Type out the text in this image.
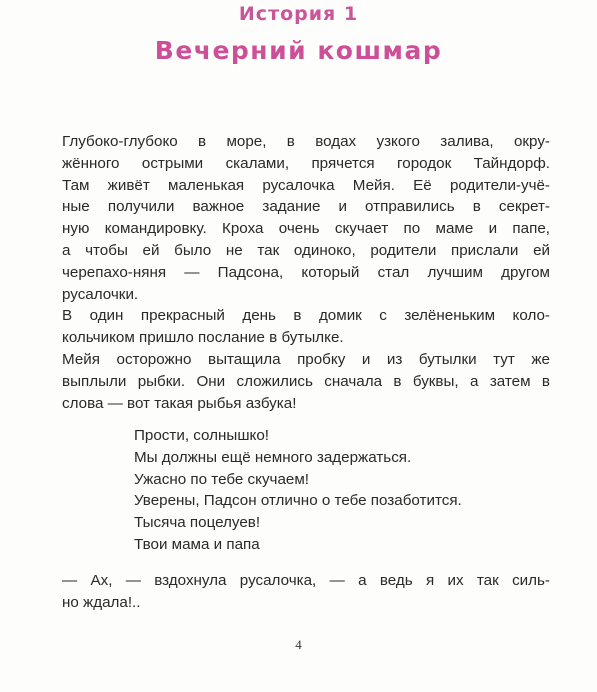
История 1
Вечерний кошмар
Глубоко-глубоко в море, в водах узкого залива, окру-
жённого острыми скалами, прячется городок Тайндорф.
Там живёт маленькая русалочка Мейя. Её родители-учё-
ные получили важное задание и отправились в секрет-
ную командировку. Кроха очень скучает по маме и папе,
а чтобы ей было не так одиноко, родители прислали ей
черепахо-няня — Падсона, который стал лучшим другом
русалочки.
В один прекрасный день в домик с зелёненьким коло-
кольчиком пришло послание в бутылке.
Мейя осторожно вытащила пробку и из бутылки тут же
выплыли рыбки. Они сложились сначала в буквы, а затем в
слова — вот такая рыбья азбука!
Прости, солнышко!
Мы должны ещё немного задержаться.
Ужасно по тебе скучаем!
Уверены, Падсон отлично о тебе позаботится.
Тысяча поцелуев!
Твои мама и папа
— Ах, — вздохнула русалочка, — а ведь я их так силь-
но ждала!..
4
